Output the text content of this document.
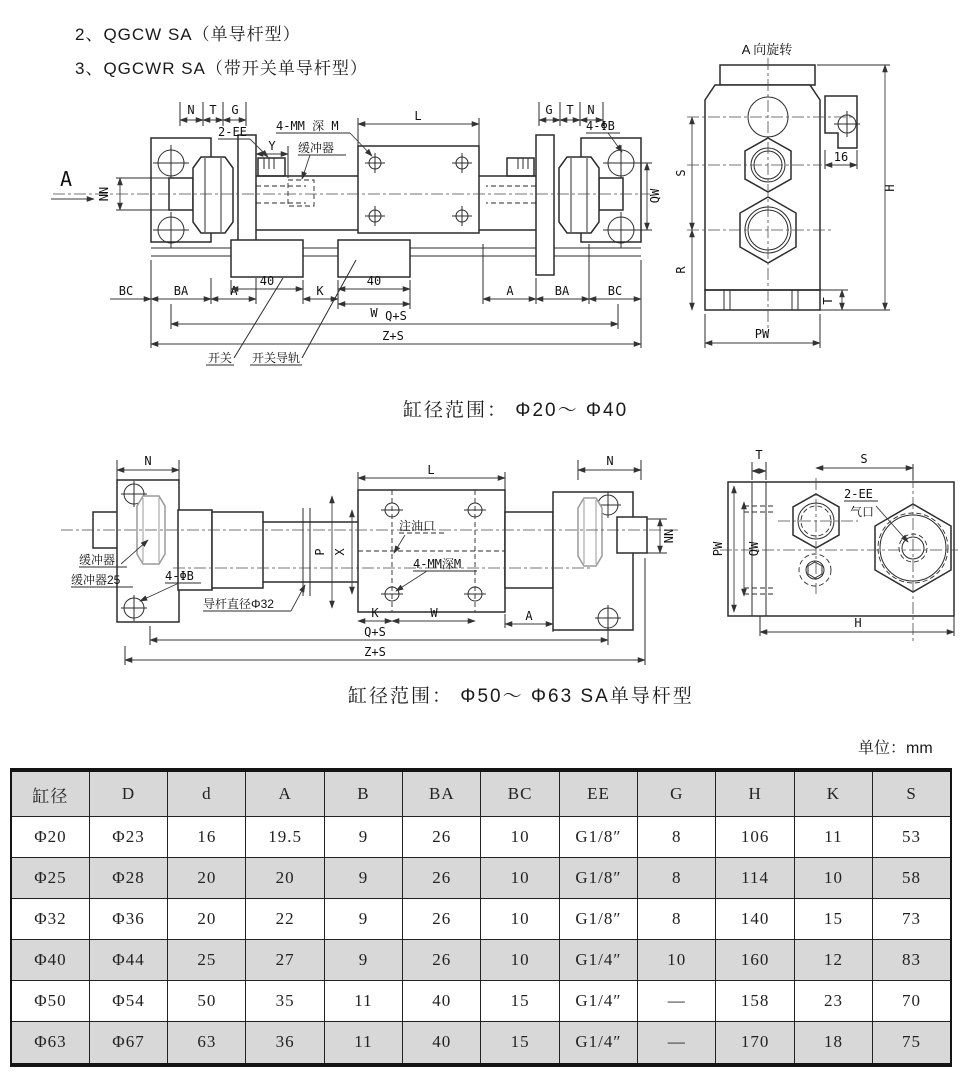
2、QGCW SA（单导杆型）
3、QGCWR SA（带开关单导杆型）
A
NN
N T G	G T N
2-EE
Y 缓冲器
4-MM 深 M
L
4-ΦB
QW
BC	BA	A
40
K
40
W
A	BA	BC
Q+S
Z+S
开关 开关导轨
A 向旋转
16
S
R
H
T
PW
缸径范围： Φ20～ Φ40
N	N
NN
L
P X
注油口
4-MM深M
K	W	A
Q+S
Z+S
缓冲器
缓冲器25	4-ΦB
导杆直径Φ32
T	S
2-EE
气口
PW QW
H
缸径范围： Φ50～ Φ63 SA单导杆型
单位：mm
缸径	D	d	A	B	BA	BC	EE	G	H	K	S
Φ20	Φ23	16	19.5	9	26	10	G1/8″	8	106	11	53
Φ25	Φ28	20	20	9	26	10	G1/8″	8	114	10	58
Φ32	Φ36	20	22	9	26	10	G1/8″	8	140	15	73
Φ40	Φ44	25	27	9	26	10	G1/4″	10	160	12	83
Φ50	Φ54	50	35	11	40	15	G1/4″	—	158	23	70
Φ63	Φ67	63	36	11	40	15	G1/4″	—	170	18	75
